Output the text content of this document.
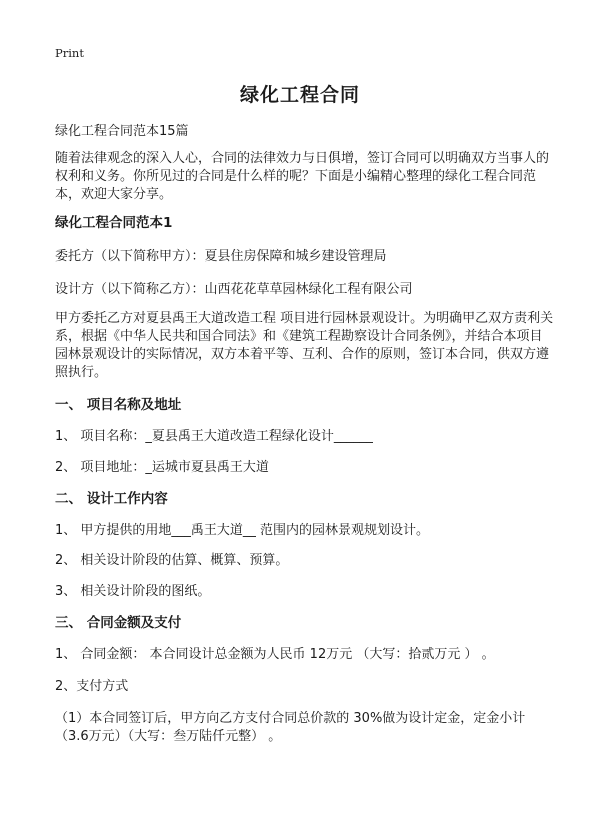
Print
绿化工程合同
绿化工程合同范本15篇
随着法律观念的深入人心，合同的法律效力与日俱增，签订合同可以明确双方当事人的权利和义务。你所见过的合同是什么样的呢？下面是小编精心整理的绿化工程合同范本，欢迎大家分享。
绿化工程合同范本1
委托方（以下简称甲方）：夏县住房保障和城乡建设管理局
设计方（以下简称乙方）：山西花花草草园林绿化工程有限公司
甲方委托乙方对夏县禹王大道改造工程 项目进行园林景观设计。为明确甲乙双方责利关系，根据《中华人民共和国合同法》和《建筑工程勘察设计合同条例》，并结合本项目园林景观设计的实际情况，双方本着平等、互利、合作的原则，签订本合同，供双方遵照执行。
一、 项目名称及地址
1、 项目名称：_夏县禹王大道改造工程绿化设计______
2、 项目地址：_运城市夏县禹王大道
二、 设计工作内容
1、 甲方提供的用地___禹王大道__ 范围内的园林景观规划设计。
2、 相关设计阶段的估算、概算、预算。
3、 相关设计阶段的图纸。
三、 合同金额及支付
1、 合同金额： 本合同设计总金额为人民币 12万元 （大写：拾贰万元 ） 。
2、支付方式
（1）本合同签订后，甲方向乙方支付合同总价款的 30%做为设计定金，定金小计（3.6万元）（大写：叁万陆仟元整） 。
